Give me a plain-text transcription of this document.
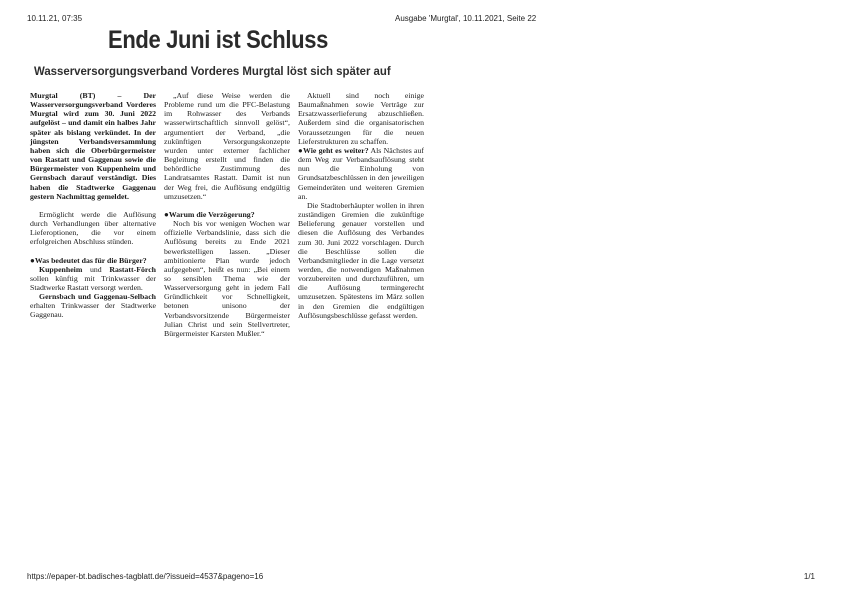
10.11.21, 07:35	Ausgabe 'Murgtal', 10.11.2021, Seite 22
Ende Juni ist Schluss
Wasserversorgungsverband Vorderes Murgtal löst sich später auf

Murgtal (BT) – Der Wasserversorgungsverband Vorderes Murgtal wird zum 30. Juni 2022 aufgelöst – und damit ein halbes Jahr später als bislang verkündet. In der jüngsten Verbandsversammlung haben sich die Oberbürgermeister von Rastatt und Gaggenau sowie die Bürgermeister von Kuppenheim und Gernsbach darauf verständigt. Dies haben die Stadtwerke Gaggenau gestern Nachmittag gemeldet.

Ermöglicht werde die Auflösung durch Verhandlungen über alternative Lieferoptionen, die vor einem erfolgreichen Abschluss stünden.

●Was bedeutet das für die Bürger?

Kuppenheim und Rastatt-Förch sollen künftig mit Trinkwasser der Stadtwerke Rastatt versorgt werden.

Gernsbach und Gaggenau-Selbach erhalten Trinkwasser der Stadtwerke Gaggenau.

„Auf diese Weise werden die Probleme rund um die PFC-Belastung im Rohwasser des Verbands wasserwirtschaftlich sinnvoll gelöst“, argumentiert der Verband, „die zukünftigen Versorgungskonzepte wurden unter externer fachlicher Begleitung erstellt und finden die behördliche Zustimmung des Landratsamtes Rastatt. Damit ist nun der Weg frei, die Auflösung endgültig umzusetzen.“

●Warum die Verzögerung?

Noch bis vor wenigen Wochen war offizielle Verbandslinie, dass sich die Auflösung bereits zu Ende 2021 bewerkstelligen lassen. „Dieser ambitionierte Plan wurde jedoch aufgegeben“, heißt es nun: „Bei einem so sensiblen Thema wie der Wasserversorgung geht in jedem Fall Gründlichkeit vor Schnelligkeit, betonen unisono der Verbandsvorsitzende Bürgermeister Julian Christ und sein Stellvertreter, Bürgermeister Karsten Mußler.“

Aktuell sind noch einige Baumaßnahmen sowie Verträge zur Ersatzwasserlieferung abzuschließen. Außerdem sind die organisatorischen Voraussetzungen für die neuen Lieferstrukturen zu schaffen.

●Wie geht es weiter? Als Nächstes auf dem Weg zur Verbandsauflösung steht nun die Einholung von Grundsatzbeschlüssen in den jeweiligen Gemeinderäten und weiteren Gremien an.

Die Stadtoberhäupter wollen in ihren zuständigen Gremien die zukünftige Belieferung genauer vorstellen und diesen die Auflösung des Verbandes zum 30. Juni 2022 vorschlagen. Durch die Beschlüsse sollen die Verbandsmitglieder in die Lage versetzt werden, die notwendigen Maßnahmen vorzubereiten und durchzuführen, um die Auflösung termingerecht umzusetzen. Spätestens im März sollen in den Gremien die endgültigen Auflösungsbeschlüsse gefasst werden.

https://epaper-bt.badisches-tagblatt.de/?issueid=4537&pageno=16	1/1
